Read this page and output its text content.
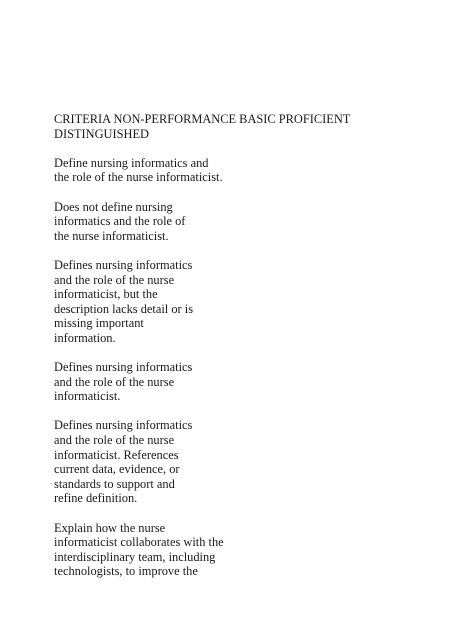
CRITERIA NON-PERFORMANCE BASIC PROFICIENT
DISTINGUISHED

Define nursing informatics and
the role of the nurse informaticist.

Does not define nursing
informatics and the role of
the nurse informaticist.

Defines nursing informatics
and the role of the nurse
informaticist, but the
description lacks detail or is
missing important
information.

Defines nursing informatics
and the role of the nurse
informaticist.

Defines nursing informatics
and the role of the nurse
informaticist. References
current data, evidence, or
standards to support and
refine definition.

Explain how the nurse
informaticist collaborates with the
interdisciplinary team, including
technologists, to improve the
